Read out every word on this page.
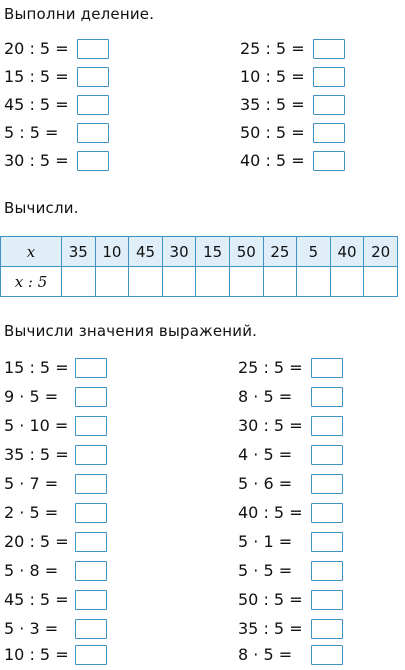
Выполни деление.
20 : 5 =
15 : 5 =
45 : 5 =
5 : 5 =
30 : 5 =
25 : 5 =
10 : 5 =
35 : 5 =
50 : 5 =
40 : 5 =
Вычисли.
x	35	10	45	30	15	50	25	5	40	20
x : 5										
Вычисли значения выражений.
15 : 5 =
9 · 5 =
5 · 10 =
35 : 5 =
5 · 7 =
2 · 5 =
20 : 5 =
5 · 8 =
45 : 5 =
5 · 3 =
10 : 5 =
25 : 5 =
8 · 5 =
30 : 5 =
4 · 5 =
5 · 6 =
40 : 5 =
5 · 1 =
5 · 5 =
50 : 5 =
35 : 5 =
8 · 5 =
